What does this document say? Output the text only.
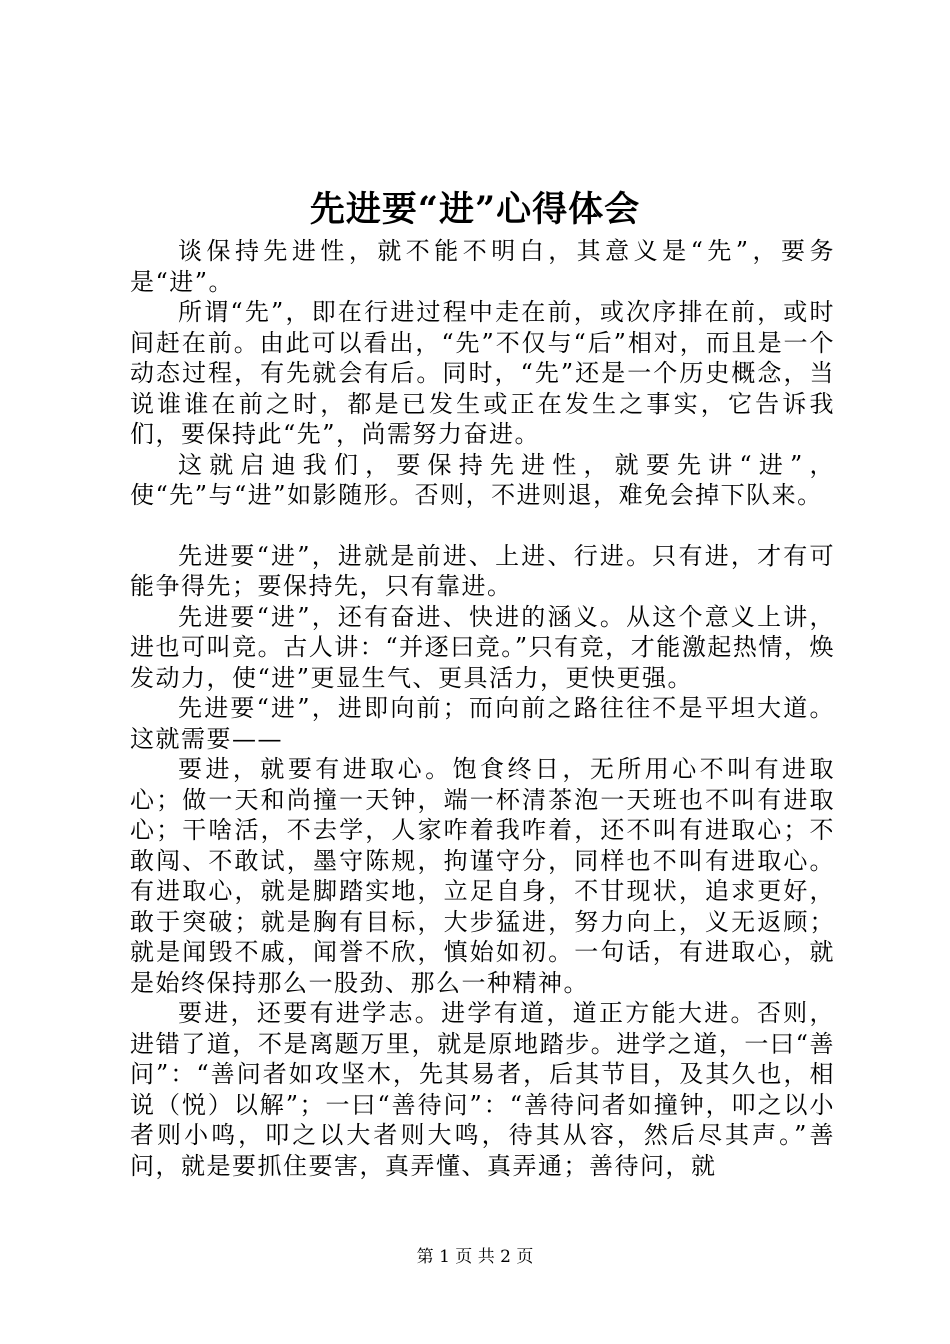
先进要“进”心得体会

谈保持先进性，就不能不明白，其意义是“先”，要务是“进”。

所谓“先”，即在行进过程中走在前，或次序排在前，或时间赶在前。由此可以看出，“先”不仅与“后”相对，而且是一个动态过程，有先就会有后。同时，“先”还是一个历史概念，当说谁谁在前之时，都是已发生或正在发生之事实，它告诉我们，要保持此“先”，尚需努力奋进。

这就启迪我们，要保持先进性，就要先讲“进”，使“先”与“进”如影随形。否则，不进则退，难免会掉下队来。

先进要“进”，进就是前进、上进、行进。只有进，才有可能争得先；要保持先，只有靠进。

先进要“进”，还有奋进、快进的涵义。从这个意义上讲，进也可叫竞。古人讲：“并逐曰竞。”只有竞，才能激起热情，焕发动力，使“进”更显生气、更具活力，更快更强。

先进要“进”，进即向前；而向前之路往往不是平坦大道。这就需要——

要进，就要有进取心。饱食终日，无所用心不叫有进取心；做一天和尚撞一天钟，端一杯清茶泡一天班也不叫有进取心；干啥活，不去学，人家咋着我咋着，还不叫有进取心；不敢闯、不敢试，墨守陈规，拘谨守分，同样也不叫有进取心。有进取心，就是脚踏实地，立足自身，不甘现状，追求更好，敢于突破；就是胸有目标，大步猛进，努力向上，义无返顾；就是闻毁不戚，闻誉不欣，慎始如初。一句话，有进取心，就是始终保持那么一股劲、那么一种精神。

要进，还要有进学志。进学有道，道正方能大进。否则，进错了道，不是离题万里，就是原地踏步。进学之道，一曰“善问”：“善问者如攻坚木，先其易者，后其节目，及其久也，相说（悦）以解”；一曰“善待问”：“善待问者如撞钟，叩之以小者则小鸣，叩之以大者则大鸣，待其从容，然后尽其声。”善问，就是要抓住要害，真弄懂、真弄通；善待问，就

第 1 页 共 2 页
